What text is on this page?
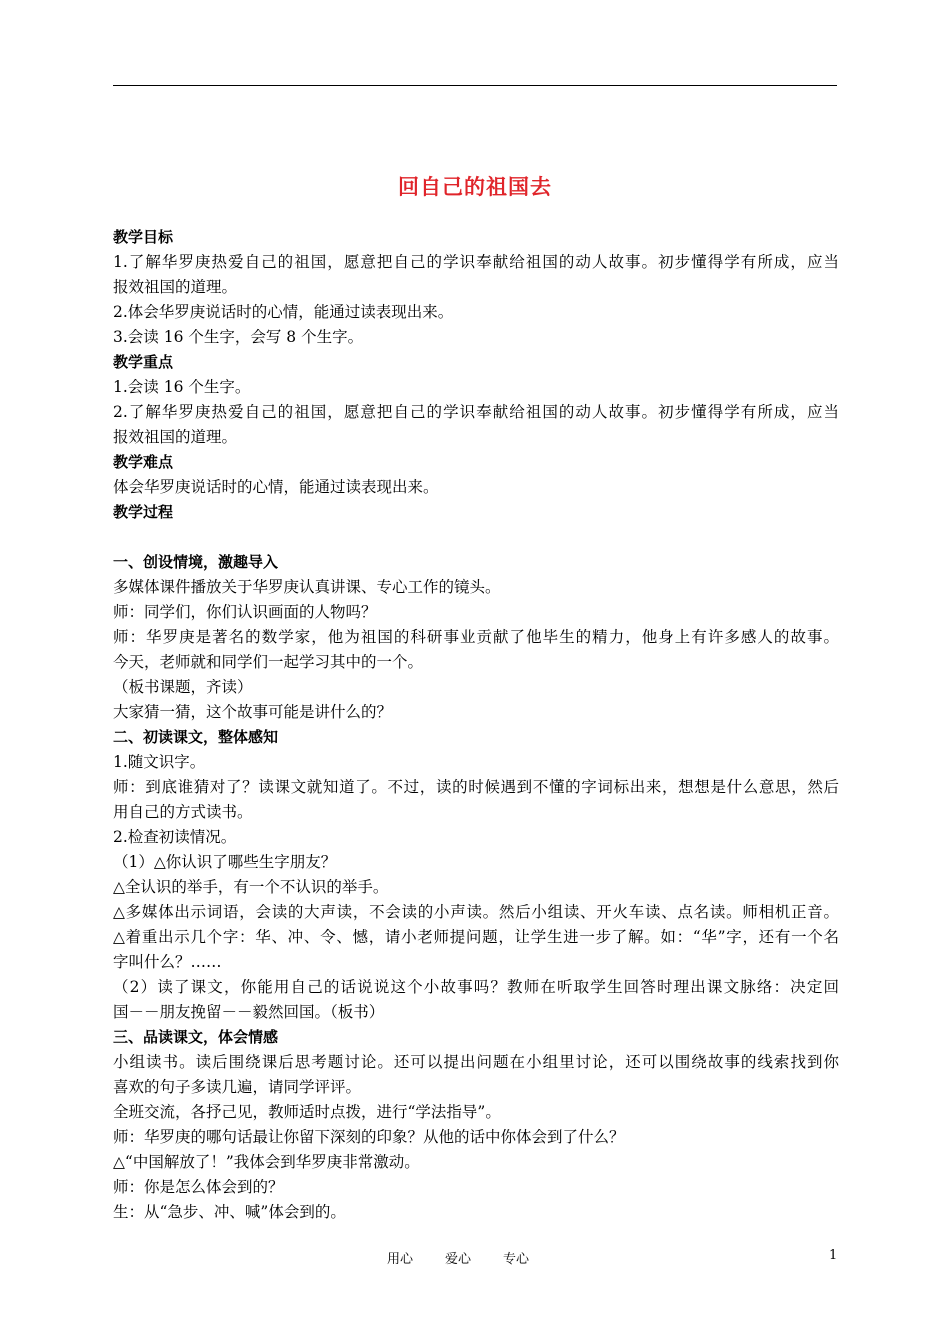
回自己的祖国去
教学目标
1.了解华罗庚热爱自己的祖国，愿意把自己的学识奉献给祖国的动人故事。初步懂得学有所成，应当
报效祖国的道理。
2.体会华罗庚说话时的心情，能通过读表现出来。
3.会读 16 个生字，会写 8 个生字。
教学重点
1.会读 16 个生字。
2.了解华罗庚热爱自己的祖国，愿意把自己的学识奉献给祖国的动人故事。初步懂得学有所成，应当
报效祖国的道理。
教学难点
体会华罗庚说话时的心情，能通过读表现出来。
教学过程
一、创设情境，激趣导入
多媒体课件播放关于华罗庚认真讲课、专心工作的镜头。
师：同学们，你们认识画面的人物吗？
师：华罗庚是著名的数学家，他为祖国的科研事业贡献了他毕生的精力，他身上有许多感人的故事。
今天，老师就和同学们一起学习其中的一个。
（板书课题，齐读）
大家猜一猜，这个故事可能是讲什么的？
二、初读课文，整体感知
1.随文识字。
师：到底谁猜对了？读课文就知道了。不过，读的时候遇到不懂的字词标出来，想想是什么意思，然后
用自己的方式读书。
2.检查初读情况。
（1）△你认识了哪些生字朋友？
△全认识的举手，有一个不认识的举手。
△多媒体出示词语，会读的大声读，不会读的小声读。然后小组读、开火车读、点名读。师相机正音。
△着重出示几个字：华、冲、令、憾，请小老师提问题，让学生进一步了解。如：“华”字，还有一个名
字叫什么？……
（2）读了课文，你能用自己的话说说这个小故事吗？教师在听取学生回答时理出课文脉络：决定回
国－－朋友挽留－－毅然回国。（板书）
三、品读课文，体会情感
小组读书。读后围绕课后思考题讨论。还可以提出问题在小组里讨论，还可以围绕故事的线索找到你
喜欢的句子多读几遍，请同学评评。
全班交流，各抒己见，教师适时点拨，进行“学法指导”。
师：华罗庚的哪句话最让你留下深刻的印象？从他的话中你体会到了什么？
△“中国解放了！”我体会到华罗庚非常激动。
师：你是怎么体会到的？
生：从“急步、冲、喊”体会到的。
用心 爱心 专心	1
